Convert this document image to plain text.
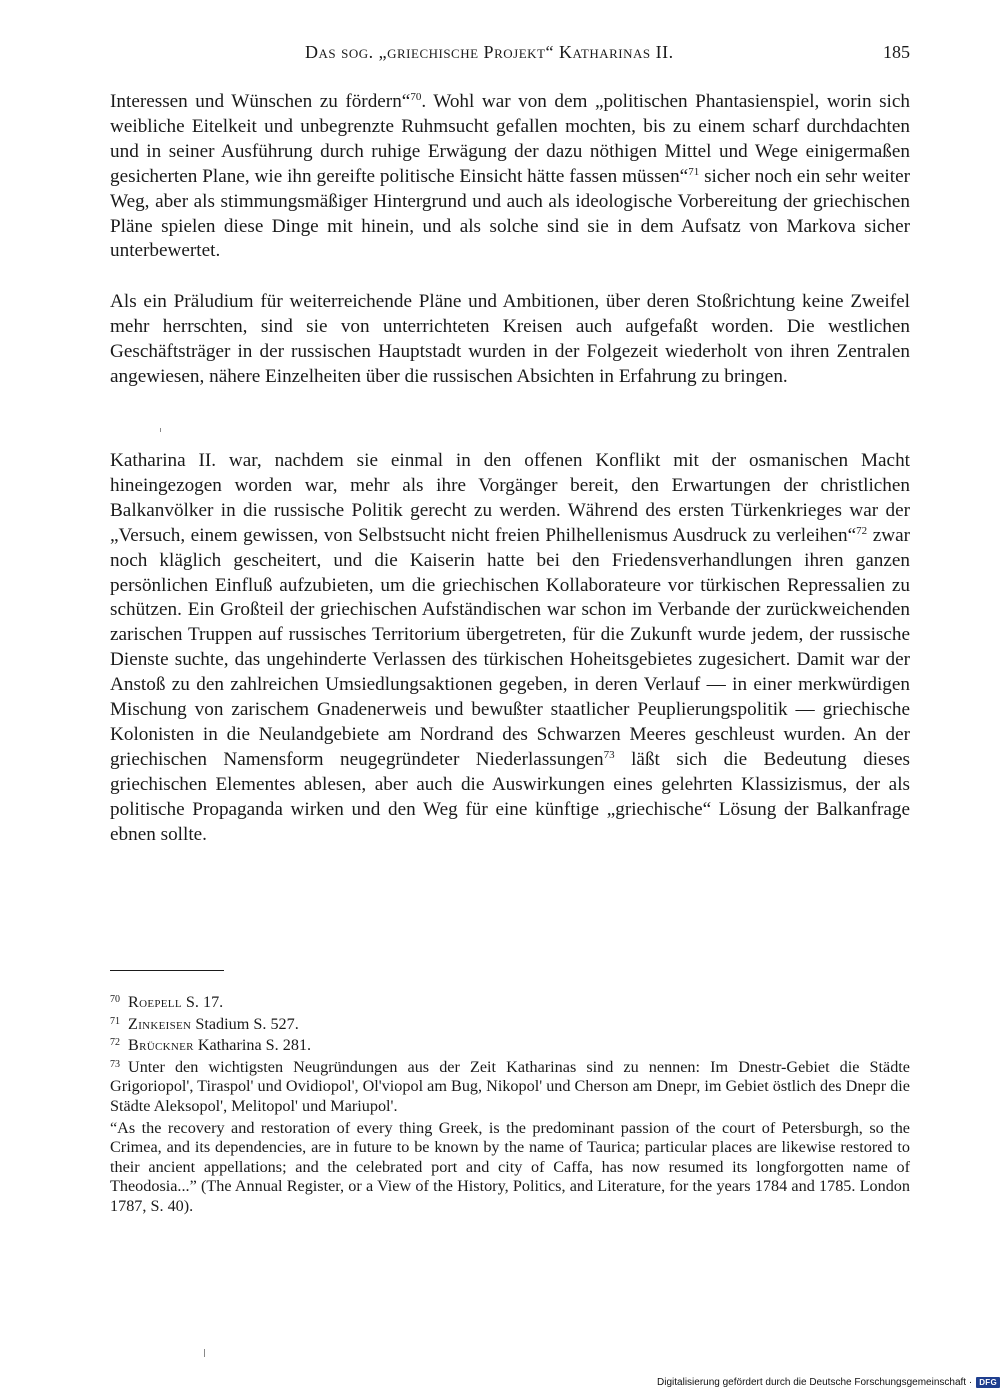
Das sog. „griechische Projekt“ Katharinas II.	185

Interessen und Wünschen zu fördern“$^{70}$. Wohl war von dem „politischen Phantasienspiel, worin sich weibliche Eitelkeit und unbegrenzte Ruhmsucht gefallen mochten, bis zu einem scharf durchdachten und in seiner Ausführung durch ruhige Erwägung der dazu nöthigen Mittel und Wege einigermaßen gesicherten Plane, wie ihn gereifte politische Einsicht hätte fassen müssen“$^{71}$ sicher noch ein sehr weiter Weg, aber als stimmungsmäßiger Hintergrund und auch als ideologische Vorbereitung der griechischen Pläne spielen diese Dinge mit hinein, und als solche sind sie in dem Aufsatz von Markova sicher unterbewertet.

Als ein Präludium für weiterreichende Pläne und Ambitionen, über deren Stoßrichtung keine Zweifel mehr herrschten, sind sie von unterrichteten Kreisen auch aufgefaßt worden. Die westlichen Geschäftsträger in der russischen Hauptstadt wurden in der Folgezeit wiederholt von ihren Zentralen angewiesen, nähere Einzelheiten über die russischen Absichten in Erfahrung zu bringen.

Katharina II. war, nachdem sie einmal in den offenen Konflikt mit der osmanischen Macht hineingezogen worden war, mehr als ihre Vorgänger bereit, den Erwartungen der christlichen Balkanvölker in die russische Politik gerecht zu werden. Während des ersten Türkenkrieges war der „Versuch, einem gewissen, von Selbstsucht nicht freien Philhellenismus Ausdruck zu verleihen“$^{72}$ zwar noch kläglich gescheitert, und die Kaiserin hatte bei den Friedensverhandlungen ihren ganzen persönlichen Einfluß aufzubieten, um die griechischen Kollaborateure vor türkischen Repressalien zu schützen. Ein Großteil der griechischen Aufständischen war schon im Verbande der zurückweichenden zarischen Truppen auf russisches Territorium übergetreten, für die Zukunft wurde jedem, der russische Dienste suchte, das ungehinderte Verlassen des türkischen Hoheitsgebietes zugesichert. Damit war der Anstoß zu den zahlreichen Umsiedlungsaktionen gegeben, in deren Verlauf — in einer merkwürdigen Mischung von zarischem Gnadenerweis und bewußter staatlicher Peuplierungspolitik — griechische Kolonisten in die Neulandgebiete am Nordrand des Schwarzen Meeres geschleust wurden. An der griechischen Namensform neugegründeter Niederlassungen$^{73}$ läßt sich die Bedeutung dieses griechischen Elementes ablesen, aber auch die Auswirkungen eines gelehrten Klassizismus, der als politische Propaganda wirken und den Weg für eine künftige „griechische“ Lösung der Balkanfrage ebnen sollte.

$^{70}$ Roepell S. 17.

$^{71}$ Zinkeisen Stadium S. 527.

$^{72}$ Brückner Katharina S. 281.

$^{73}$ Unter den wichtigsten Neugründungen aus der Zeit Katharinas sind zu nennen: Im Dnestr-Gebiet die Städte Grigoriopol', Tiraspol' und Ovidiopol', Ol'viopol am Bug, Nikopol' und Cherson am Dnepr, im Gebiet östlich des Dnepr die Städte Aleksopol', Melitopol' und Mariupol'.

“As the recovery and restoration of every thing Greek, is the predominant passion of the court of Petersburgh, so the Crimea, and its dependencies, are in future to be known by the name of Taurica; particular places are likewise restored to their ancient appellations; and the celebrated port and city of Caffa, has now resumed its longforgotten name of Theodosia...” (The Annual Register, or a View of the History, Politics, and Literature, for the years 1784 and 1785. London 1787, S. 40).

Digitalisierung gefördert durch die Deutsche Forschungsgemeinschaft · DFG
